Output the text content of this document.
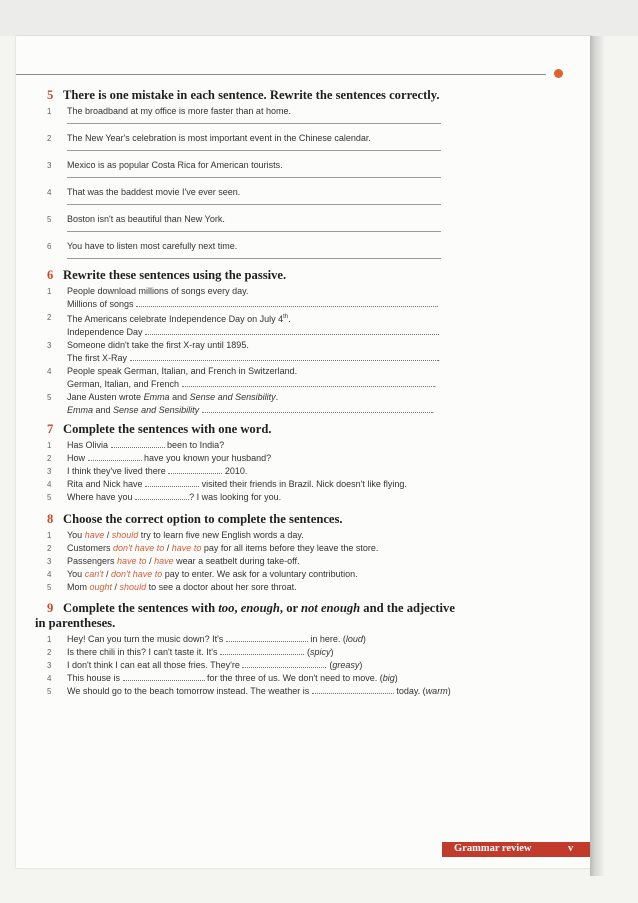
5 There is one mistake in each sentence. Rewrite the sentences correctly.
1	The broadband at my office is more faster than at home.
2	The New Year's celebration is most important event in the Chinese calendar.
3	Mexico is as popular Costa Rica for American tourists.
4	That was the baddest movie I've ever seen.
5	Boston isn't as beautiful than New York.
6	You have to listen most carefully next time.
6 Rewrite these sentences using the passive.
1	People download millions of songs every day.
Millions of songs	.
2	The Americans celebrate Independence Day on July 4th.
Independence Day	.
3	Someone didn't take the first X-ray until 1895.
The first X-Ray	.
4	People speak German, Italian, and French in Switzerland.
German, Italian, and French	.
5	Jane Austen wrote Emma and Sense and Sensibility.
Emma and Sense and Sensibility	.
7 Complete the sentences with one word.
1	Has Olivia	been to India?
2	How	have you known your husband?
3	I think they've lived there	2010.
4	Rita and Nick have	visited their friends in Brazil. Nick doesn't like flying.
5	Where have you	? I was looking for you.
8 Choose the correct option to complete the sentences.
1	You have / should try to learn five new English words a day.
2	Customers don't have to / have to pay for all items before they leave the store.
3	Passengers have to / have wear a seatbelt during take-off.
4	You can't / don't have to pay to enter. We ask for a voluntary contribution.
5	Mom ought / should to see a doctor about her sore throat.
9 Complete the sentences with too, enough, or not enough and the adjective
in parentheses.
1	Hey! Can you turn the music down? It's	in here. (loud)
2	Is there chili in this? I can't taste it. It's	. (spicy)
3	I don't think I can eat all those fries. They're	. (greasy)
4	This house is	for the three of us. We don't need to move. (big)
5	We should go to the beach tomorrow instead. The weather is	today. (warm)
Grammar review	v
